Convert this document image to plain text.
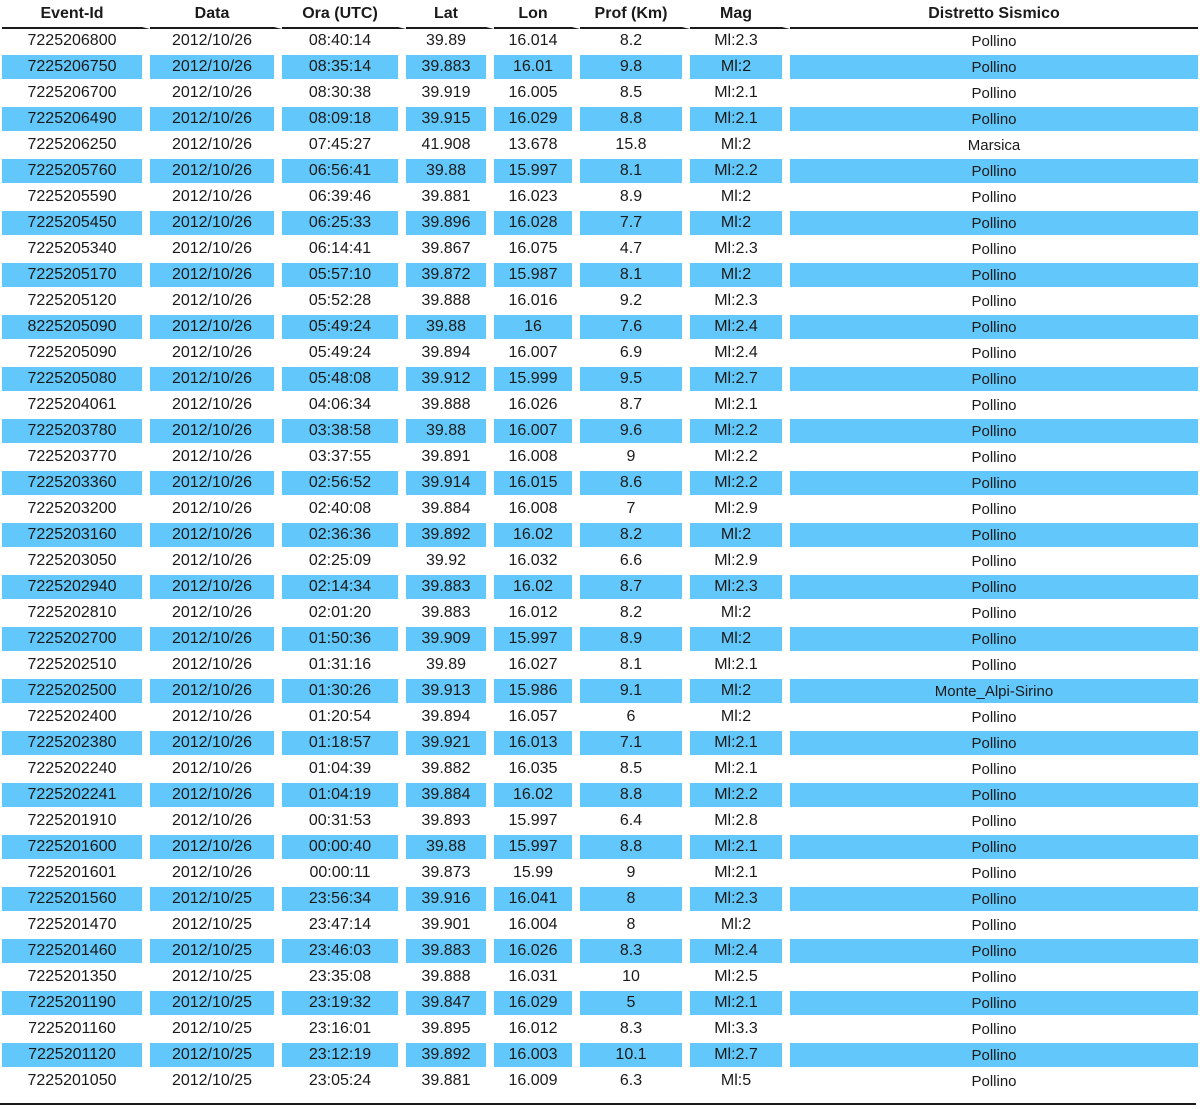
Event-Id	Data	Ora (UTC)	Lat	Lon	Prof (Km)	Mag	Distretto Sismico
7225206800	2012/10/26	08:40:14	39.89	16.014	8.2	Ml:2.3	Pollino
7225206750	2012/10/26	08:35:14	39.883	16.01	9.8	Ml:2	Pollino
7225206700	2012/10/26	08:30:38	39.919	16.005	8.5	Ml:2.1	Pollino
7225206490	2012/10/26	08:09:18	39.915	16.029	8.8	Ml:2.1	Pollino
7225206250	2012/10/26	07:45:27	41.908	13.678	15.8	Ml:2	Marsica
7225205760	2012/10/26	06:56:41	39.88	15.997	8.1	Ml:2.2	Pollino
7225205590	2012/10/26	06:39:46	39.881	16.023	8.9	Ml:2	Pollino
7225205450	2012/10/26	06:25:33	39.896	16.028	7.7	Ml:2	Pollino
7225205340	2012/10/26	06:14:41	39.867	16.075	4.7	Ml:2.3	Pollino
7225205170	2012/10/26	05:57:10	39.872	15.987	8.1	Ml:2	Pollino
7225205120	2012/10/26	05:52:28	39.888	16.016	9.2	Ml:2.3	Pollino
8225205090	2012/10/26	05:49:24	39.88	16	7.6	Ml:2.4	Pollino
7225205090	2012/10/26	05:49:24	39.894	16.007	6.9	Ml:2.4	Pollino
7225205080	2012/10/26	05:48:08	39.912	15.999	9.5	Ml:2.7	Pollino
7225204061	2012/10/26	04:06:34	39.888	16.026	8.7	Ml:2.1	Pollino
7225203780	2012/10/26	03:38:58	39.88	16.007	9.6	Ml:2.2	Pollino
7225203770	2012/10/26	03:37:55	39.891	16.008	9	Ml:2.2	Pollino
7225203360	2012/10/26	02:56:52	39.914	16.015	8.6	Ml:2.2	Pollino
7225203200	2012/10/26	02:40:08	39.884	16.008	7	Ml:2.9	Pollino
7225203160	2012/10/26	02:36:36	39.892	16.02	8.2	Ml:2	Pollino
7225203050	2012/10/26	02:25:09	39.92	16.032	6.6	Ml:2.9	Pollino
7225202940	2012/10/26	02:14:34	39.883	16.02	8.7	Ml:2.3	Pollino
7225202810	2012/10/26	02:01:20	39.883	16.012	8.2	Ml:2	Pollino
7225202700	2012/10/26	01:50:36	39.909	15.997	8.9	Ml:2	Pollino
7225202510	2012/10/26	01:31:16	39.89	16.027	8.1	Ml:2.1	Pollino
7225202500	2012/10/26	01:30:26	39.913	15.986	9.1	Ml:2	Monte_Alpi-Sirino
7225202400	2012/10/26	01:20:54	39.894	16.057	6	Ml:2	Pollino
7225202380	2012/10/26	01:18:57	39.921	16.013	7.1	Ml:2.1	Pollino
7225202240	2012/10/26	01:04:39	39.882	16.035	8.5	Ml:2.1	Pollino
7225202241	2012/10/26	01:04:19	39.884	16.02	8.8	Ml:2.2	Pollino
7225201910	2012/10/26	00:31:53	39.893	15.997	6.4	Ml:2.8	Pollino
7225201600	2012/10/26	00:00:40	39.88	15.997	8.8	Ml:2.1	Pollino
7225201601	2012/10/26	00:00:11	39.873	15.99	9	Ml:2.1	Pollino
7225201560	2012/10/25	23:56:34	39.916	16.041	8	Ml:2.3	Pollino
7225201470	2012/10/25	23:47:14	39.901	16.004	8	Ml:2	Pollino
7225201460	2012/10/25	23:46:03	39.883	16.026	8.3	Ml:2.4	Pollino
7225201350	2012/10/25	23:35:08	39.888	16.031	10	Ml:2.5	Pollino
7225201190	2012/10/25	23:19:32	39.847	16.029	5	Ml:2.1	Pollino
7225201160	2012/10/25	23:16:01	39.895	16.012	8.3	Ml:3.3	Pollino
7225201120	2012/10/25	23:12:19	39.892	16.003	10.1	Ml:2.7	Pollino
7225201050	2012/10/25	23:05:24	39.881	16.009	6.3	Ml:5	Pollino
